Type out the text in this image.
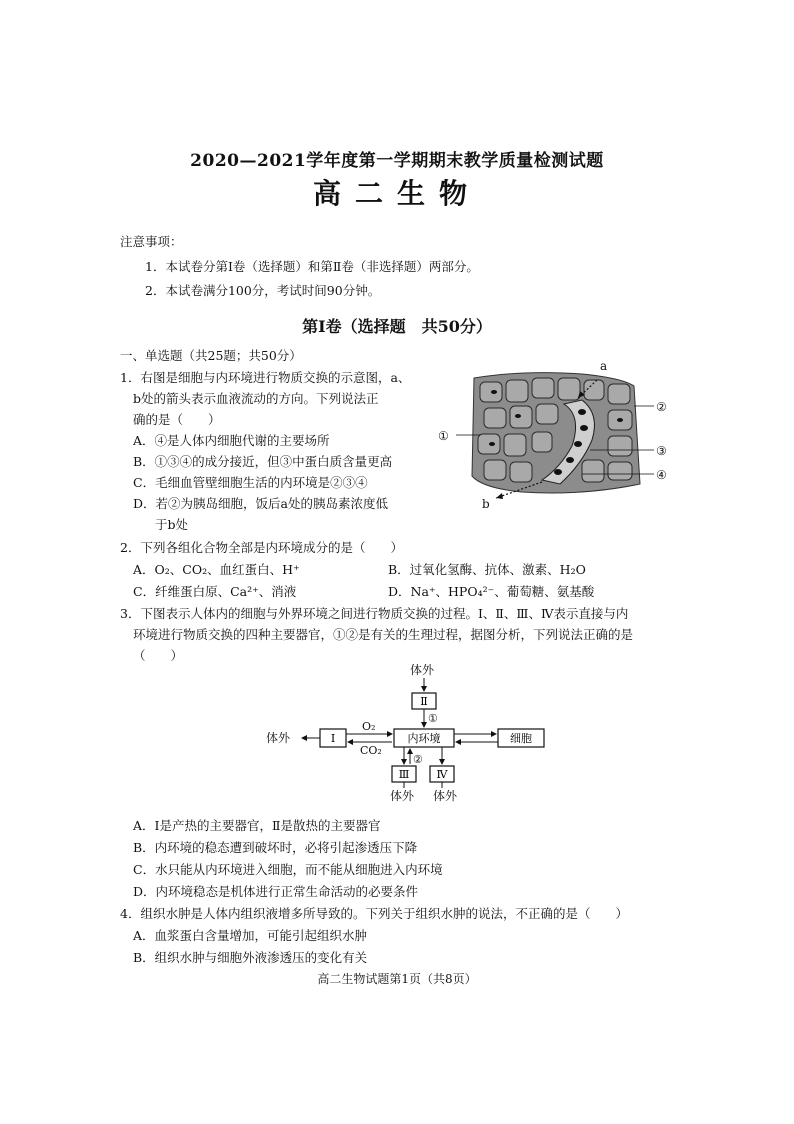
2020—2021学年度第一学期期末教学质量检测试题
高二生物
注意事项：
1．本试卷分第Ⅰ卷（选择题）和第Ⅱ卷（非选择题）两部分。
2．本试卷满分100分，考试时间90分钟。
第Ⅰ卷（选择题　共50分）
一、单选题（共25题；共50分）
1．右图是细胞与内环境进行物质交换的示意图，a、
b处的箭头表示血液流动的方向。下列说法正
确的是（　　）
A．④是人体内细胞代谢的主要场所
B．①③④的成分接近，但③中蛋白质含量更高
C．毛细血管壁细胞生活的内环境是②③④
D．若②为胰岛细胞，饭后a处的胰岛素浓度低
于b处
a
②
①
③
④
b
2．下列各组化合物全部是内环境成分的是（　　）
A．O₂、CO₂、血红蛋白、H⁺	B．过氧化氢酶、抗体、激素、H₂O
C．纤维蛋白原、Ca²⁺、消液	D．Na⁺、HPO₄²⁻、葡萄糖、氨基酸
3．下图表示人体内的细胞与外界环境之间进行物质交换的过程。Ⅰ、Ⅱ、Ⅲ、Ⅳ表示直接与内
环境进行物质交换的四种主要器官，①②是有关的生理过程，据图分析，下列说法正确的是
（　　）
体外
体外
体外 体外
O₂
CO₂
①
②
Ⅱ
Ⅰ	内环境	细胞
Ⅲ Ⅳ
A．Ⅰ是产热的主要器官，Ⅱ是散热的主要器官
B．内环境的稳态遭到破坏时，必将引起渗透压下降
C．水只能从内环境进入细胞，而不能从细胞进入内环境
D．内环境稳态是机体进行正常生命活动的必要条件
4．组织水肿是人体内组织液增多所导致的。下列关于组织水肿的说法，不正确的是（　　）
A．血浆蛋白含量增加，可能引起组织水肿
B．组织水肿与细胞外液渗透压的变化有关
高二生物试题第1页（共8页）
